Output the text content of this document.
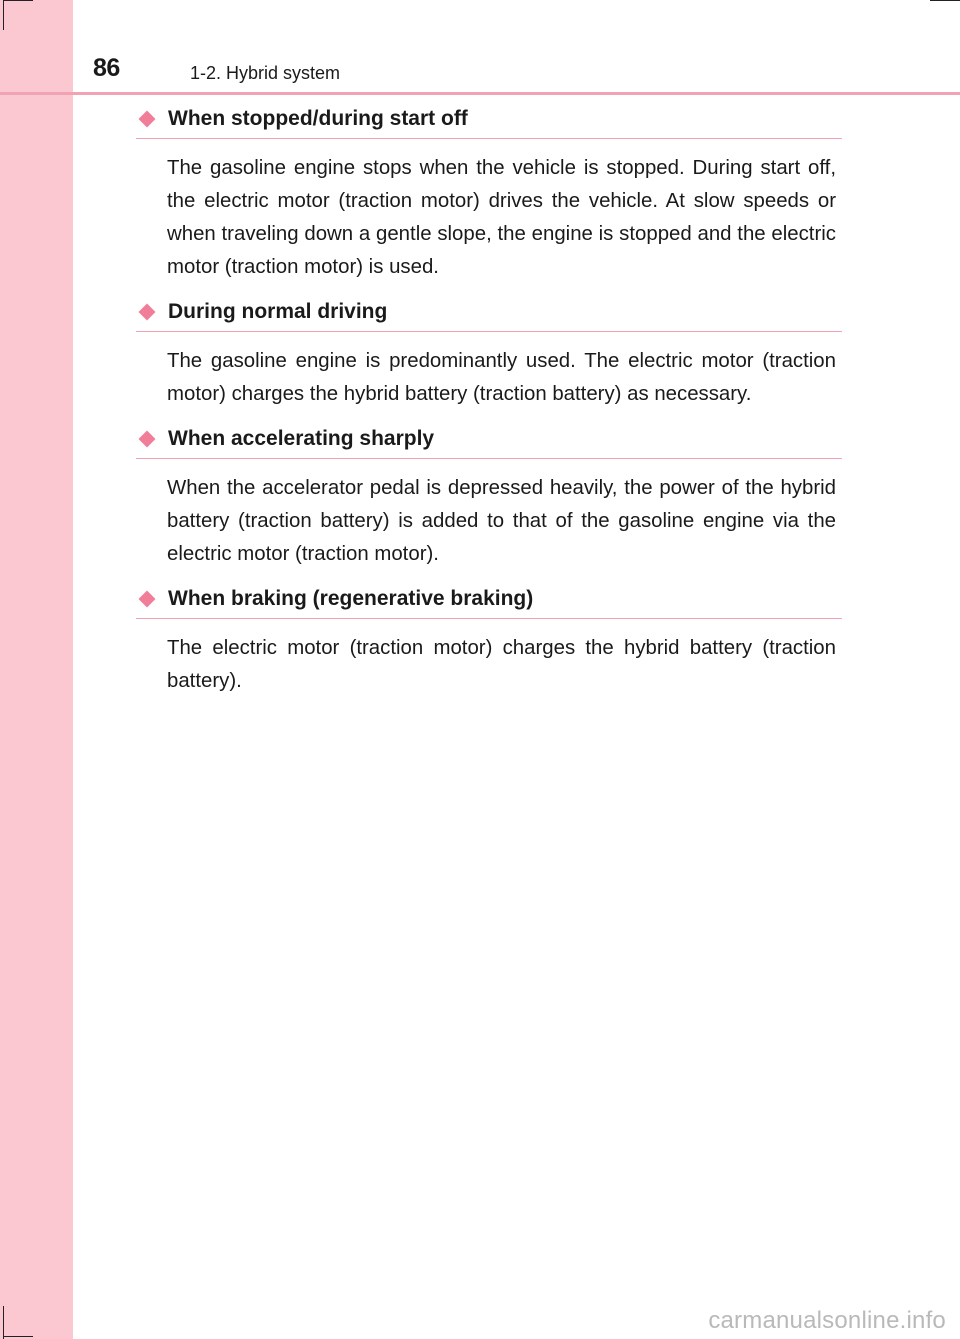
86	1-2. Hybrid system
When stopped/during start off

The gasoline engine stops when the vehicle is stopped. During start off, the electric motor (traction motor) drives the vehicle. At slow speeds or when traveling down a gentle slope, the engine is stopped and the electric motor (traction motor) is used.

During normal driving

The gasoline engine is predominantly used. The electric motor (traction motor) charges the hybrid battery (traction battery) as necessary.

When accelerating sharply

When the accelerator pedal is depressed heavily, the power of the hybrid battery (traction battery) is added to that of the gasoline engine via the electric motor (traction motor).

When braking (regenerative braking)

The electric motor (traction motor) charges the hybrid battery (traction battery).

carmanualsonline.info
